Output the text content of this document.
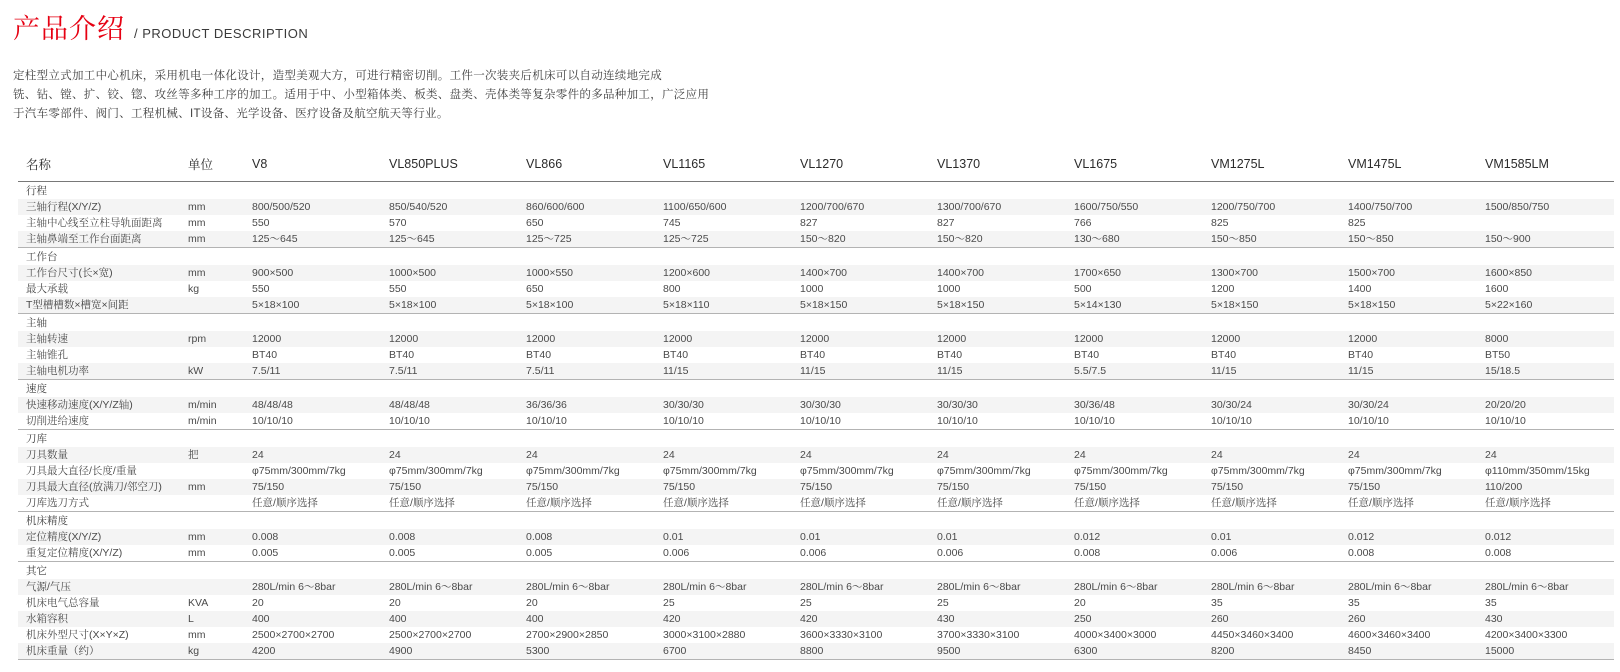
产品介绍 / PRODUCT DESCRIPTION
定柱型立式加工中心机床，采用机电一体化设计，造型美观大方，可进行精密切削。工件一次装夹后机床可以自动连续地完成
铣、钻、镗、扩、铰、锪、攻丝等多种工序的加工。适用于中、小型箱体类、板类、盘类、壳体类等复杂零件的多品种加工，广泛应用
于汽车零部件、阀门、工程机械、IT设备、光学设备、医疗设备及航空航天等行业。
名称	单位	V8	VL850PLUS	VL866	VL1165	VL1270	VL1370	VL1675	VM1275L	VM1475L	VM1585LM
行程											
三轴行程(X/Y/Z)	mm	800/500/520	850/540/520	860/600/600	1100/650/600	1200/700/670	1300/700/670	1600/750/550	1200/750/700	1400/750/700	1500/850/750
主轴中心线至立柱导轨面距离	mm	550	570	650	745	827	827	766	825	825	
主轴鼻端至工作台面距离	mm	125～645	125～645	125～725	125～725	150～820	150～820	130～680	150～850	150～850	150～900
工作台											
工作台尺寸(长×宽)	mm	900×500	1000×500	1000×550	1200×600	1400×700	1400×700	1700×650	1300×700	1500×700	1600×850
最大承载	kg	550	550	650	800	1000	1000	500	1200	1400	1600
T型槽槽数×槽宽×间距		5×18×100	5×18×100	5×18×100	5×18×110	5×18×150	5×18×150	5×14×130	5×18×150	5×18×150	5×22×160
主轴											
主轴转速	rpm	12000	12000	12000	12000	12000	12000	12000	12000	12000	8000
主轴锥孔		BT40	BT40	BT40	BT40	BT40	BT40	BT40	BT40	BT40	BT50
主轴电机功率	kW	7.5/11	7.5/11	7.5/11	11/15	11/15	11/15	5.5/7.5	11/15	11/15	15/18.5
速度											
快速移动速度(X/Y/Z轴)	m/min	48/48/48	48/48/48	36/36/36	30/30/30	30/30/30	30/30/30	30/36/48	30/30/24	30/30/24	20/20/20
切削进给速度	m/min	10/10/10	10/10/10	10/10/10	10/10/10	10/10/10	10/10/10	10/10/10	10/10/10	10/10/10	10/10/10
刀库											
刀具数量	把	24	24	24	24	24	24	24	24	24	24
刀具最大直径/长度/重量		φ75mm/300mm/7kg	φ75mm/300mm/7kg	φ75mm/300mm/7kg	φ75mm/300mm/7kg	φ75mm/300mm/7kg	φ75mm/300mm/7kg	φ75mm/300mm/7kg	φ75mm/300mm/7kg	φ75mm/300mm/7kg	φ110mm/350mm/15kg
刀具最大直径(放满刀/邻空刀)	mm	75/150	75/150	75/150	75/150	75/150	75/150	75/150	75/150	75/150	110/200
刀库选刀方式		任意/顺序选择	任意/顺序选择	任意/顺序选择	任意/顺序选择	任意/顺序选择	任意/顺序选择	任意/顺序选择	任意/顺序选择	任意/顺序选择	任意/顺序选择
机床精度											
定位精度(X/Y/Z)	mm	0.008	0.008	0.008	0.01	0.01	0.01	0.012	0.01	0.012	0.012
重复定位精度(X/Y/Z)	mm	0.005	0.005	0.005	0.006	0.006	0.006	0.008	0.006	0.008	0.008
其它											
气源/气压		280L/min 6～8bar	280L/min 6～8bar	280L/min 6～8bar	280L/min 6～8bar	280L/min 6～8bar	280L/min 6～8bar	280L/min 6～8bar	280L/min 6～8bar	280L/min 6～8bar	280L/min 6～8bar
机床电气总容量	KVA	20	20	20	25	25	25	20	35	35	35
水箱容积	L	400	400	400	420	420	430	250	260	260	430
机床外型尺寸(X×Y×Z)	mm	2500×2700×2700	2500×2700×2700	2700×2900×2850	3000×3100×2880	3600×3330×3100	3700×3330×3100	4000×3400×3000	4450×3460×3400	4600×3460×3400	4200×3400×3300
机床重量（约）	kg	4200	4900	5300	6700	8800	9500	6300	8200	8450	15000
